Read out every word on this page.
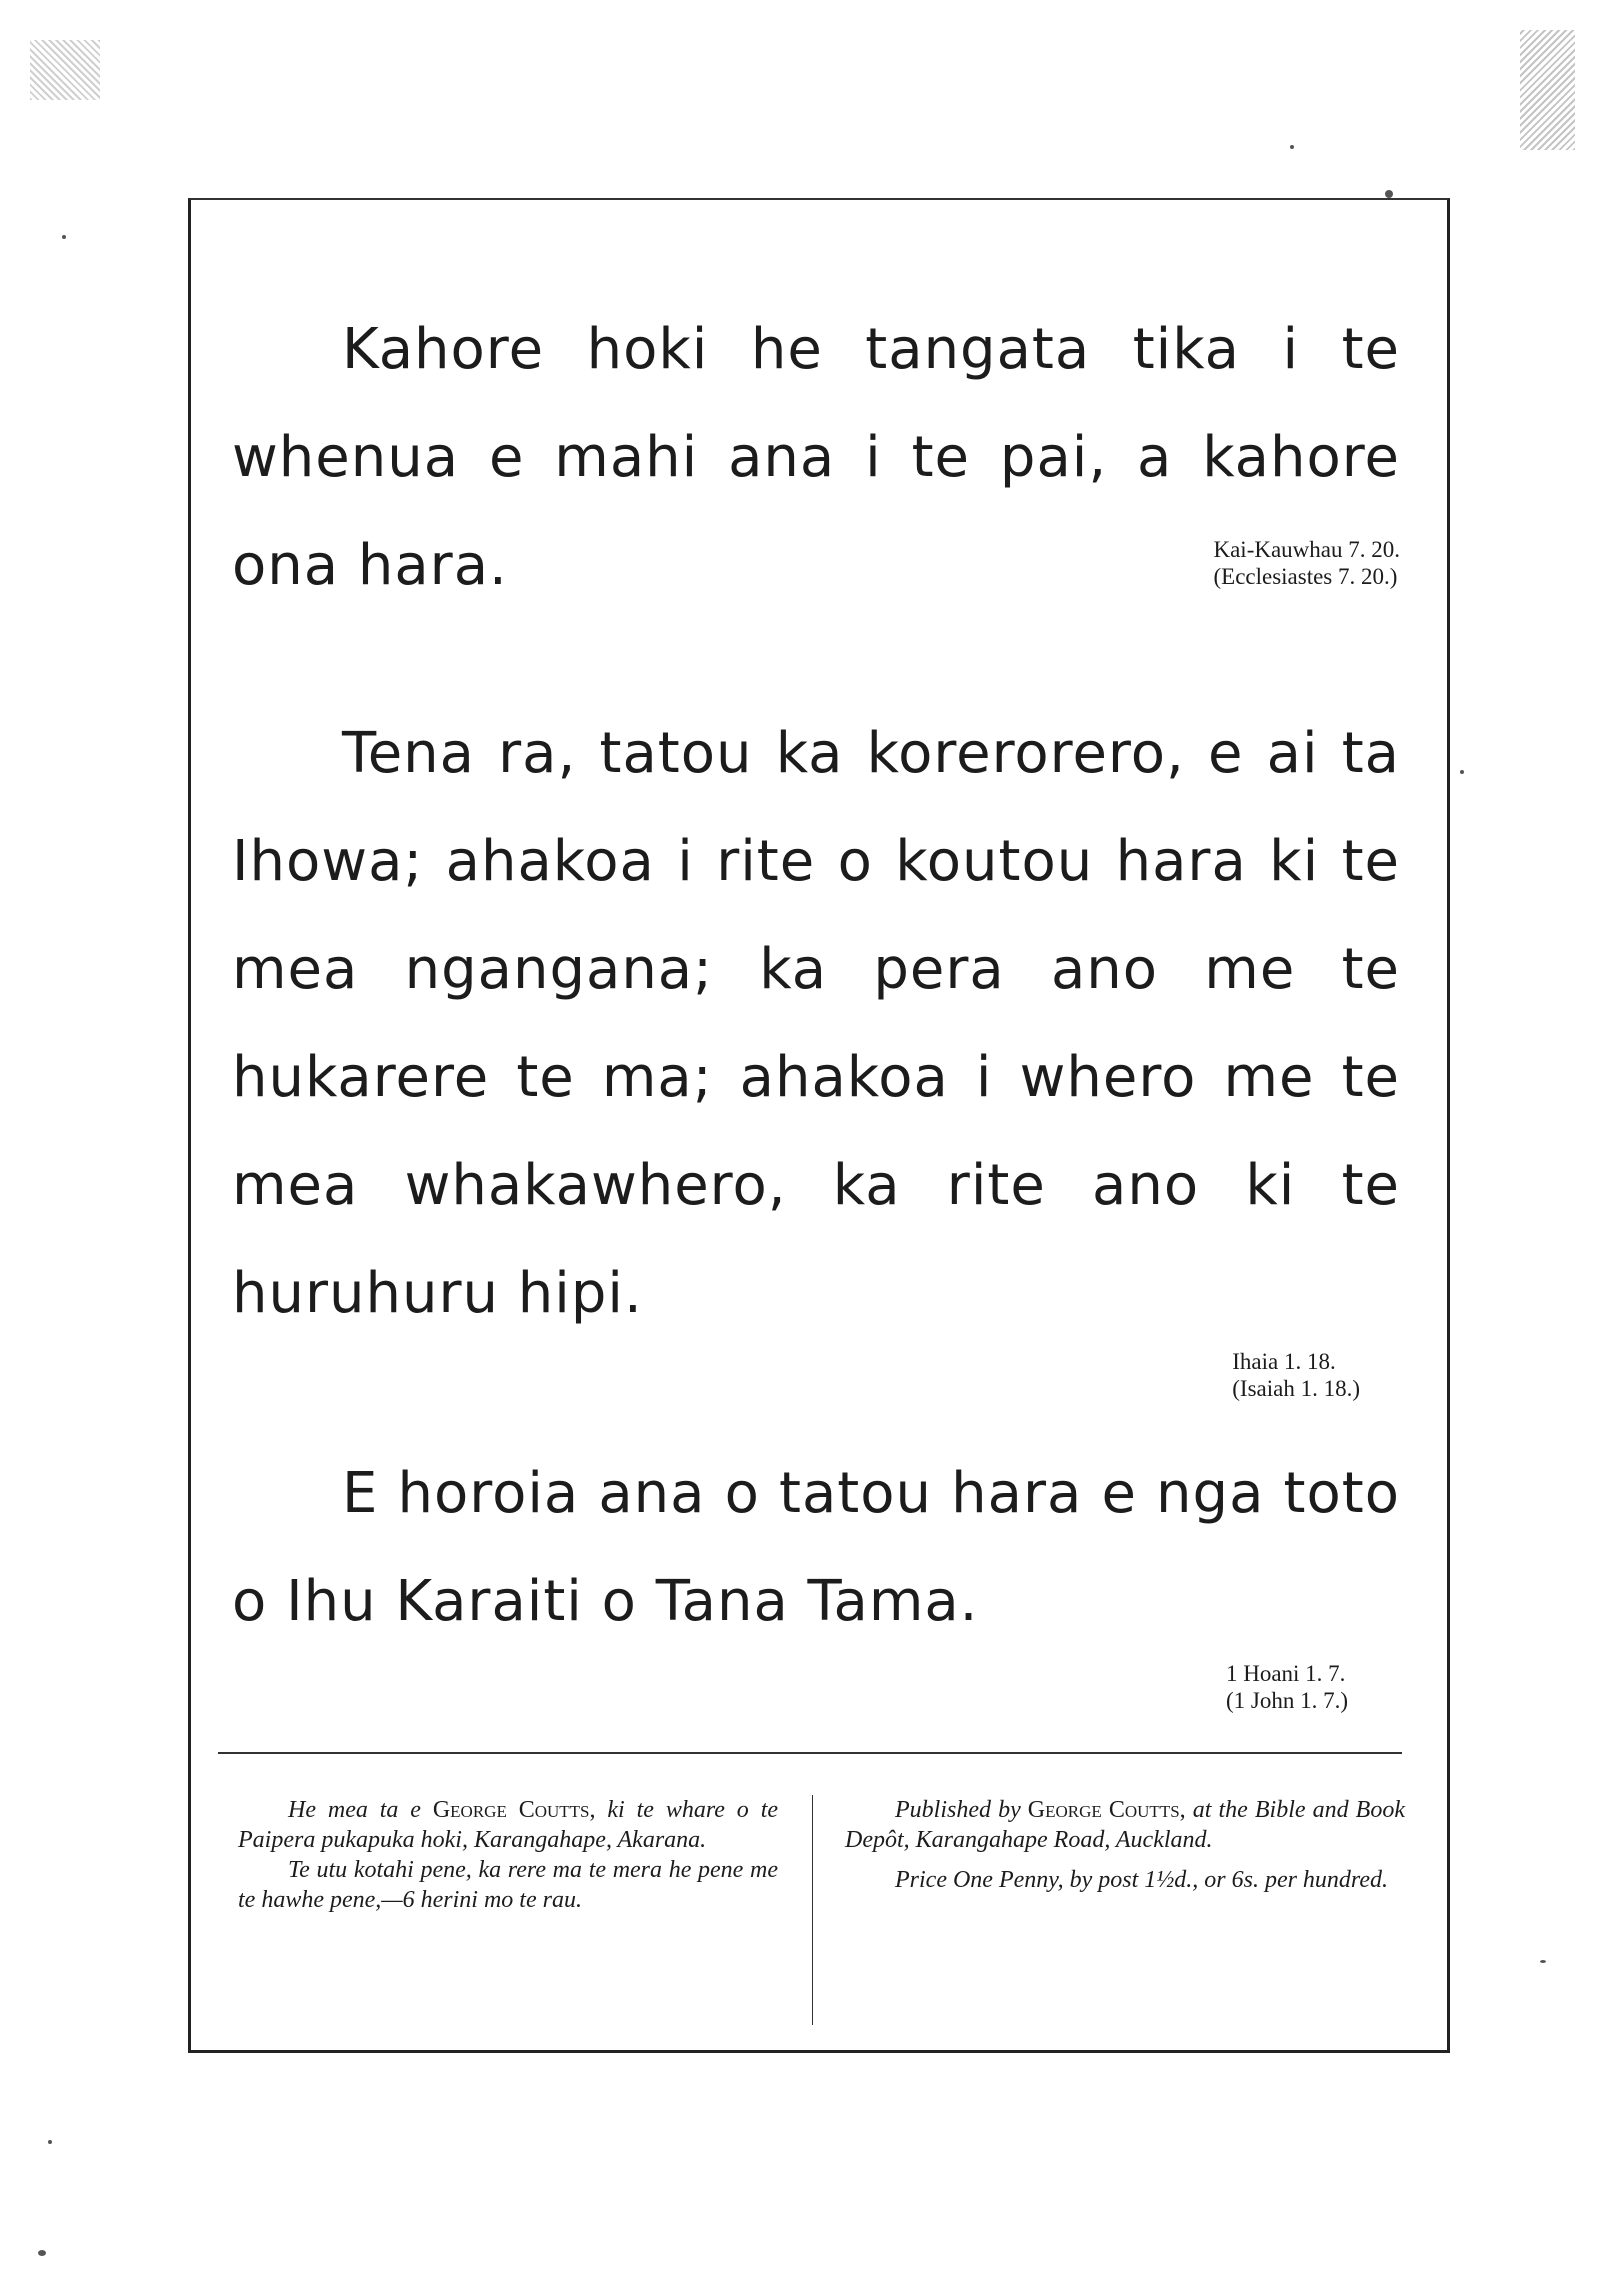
Kahore hoki he tangata tika i te whenua e mahi ana i te pai, a kahore ona hara.	Kai-Kauwhau 7. 20.
(Ecclesiastes 7. 20.)

Tena ra, tatou ka korerorero, e ai ta Ihowa; ahakoa i rite o koutou hara ki te mea ngangana; ka pera ano me te hukarere te ma; ahakoa i whero me te mea whakawhero, ka rite ano ki te huruhuru hipi.

Ihaia 1. 18.
(Isaiah 1. 18.)

E horoia ana o tatou hara e nga toto o Ihu Karaiti o Tana Tama.

1 Hoani 1. 7.
(1 John 1. 7.)

He mea ta e George Coutts, ki te whare o te Paipera pukapuka hoki, Karangahape, Akarana.

Te utu kotahi pene, ka rere ma te mera he pene me te hawhe pene,—6 herini mo te rau.

Published by George Coutts, at the Bible and Book Depôt, Karangahape Road, Auckland.

Price One Penny, by post 1½d., or 6s. per hundred.
